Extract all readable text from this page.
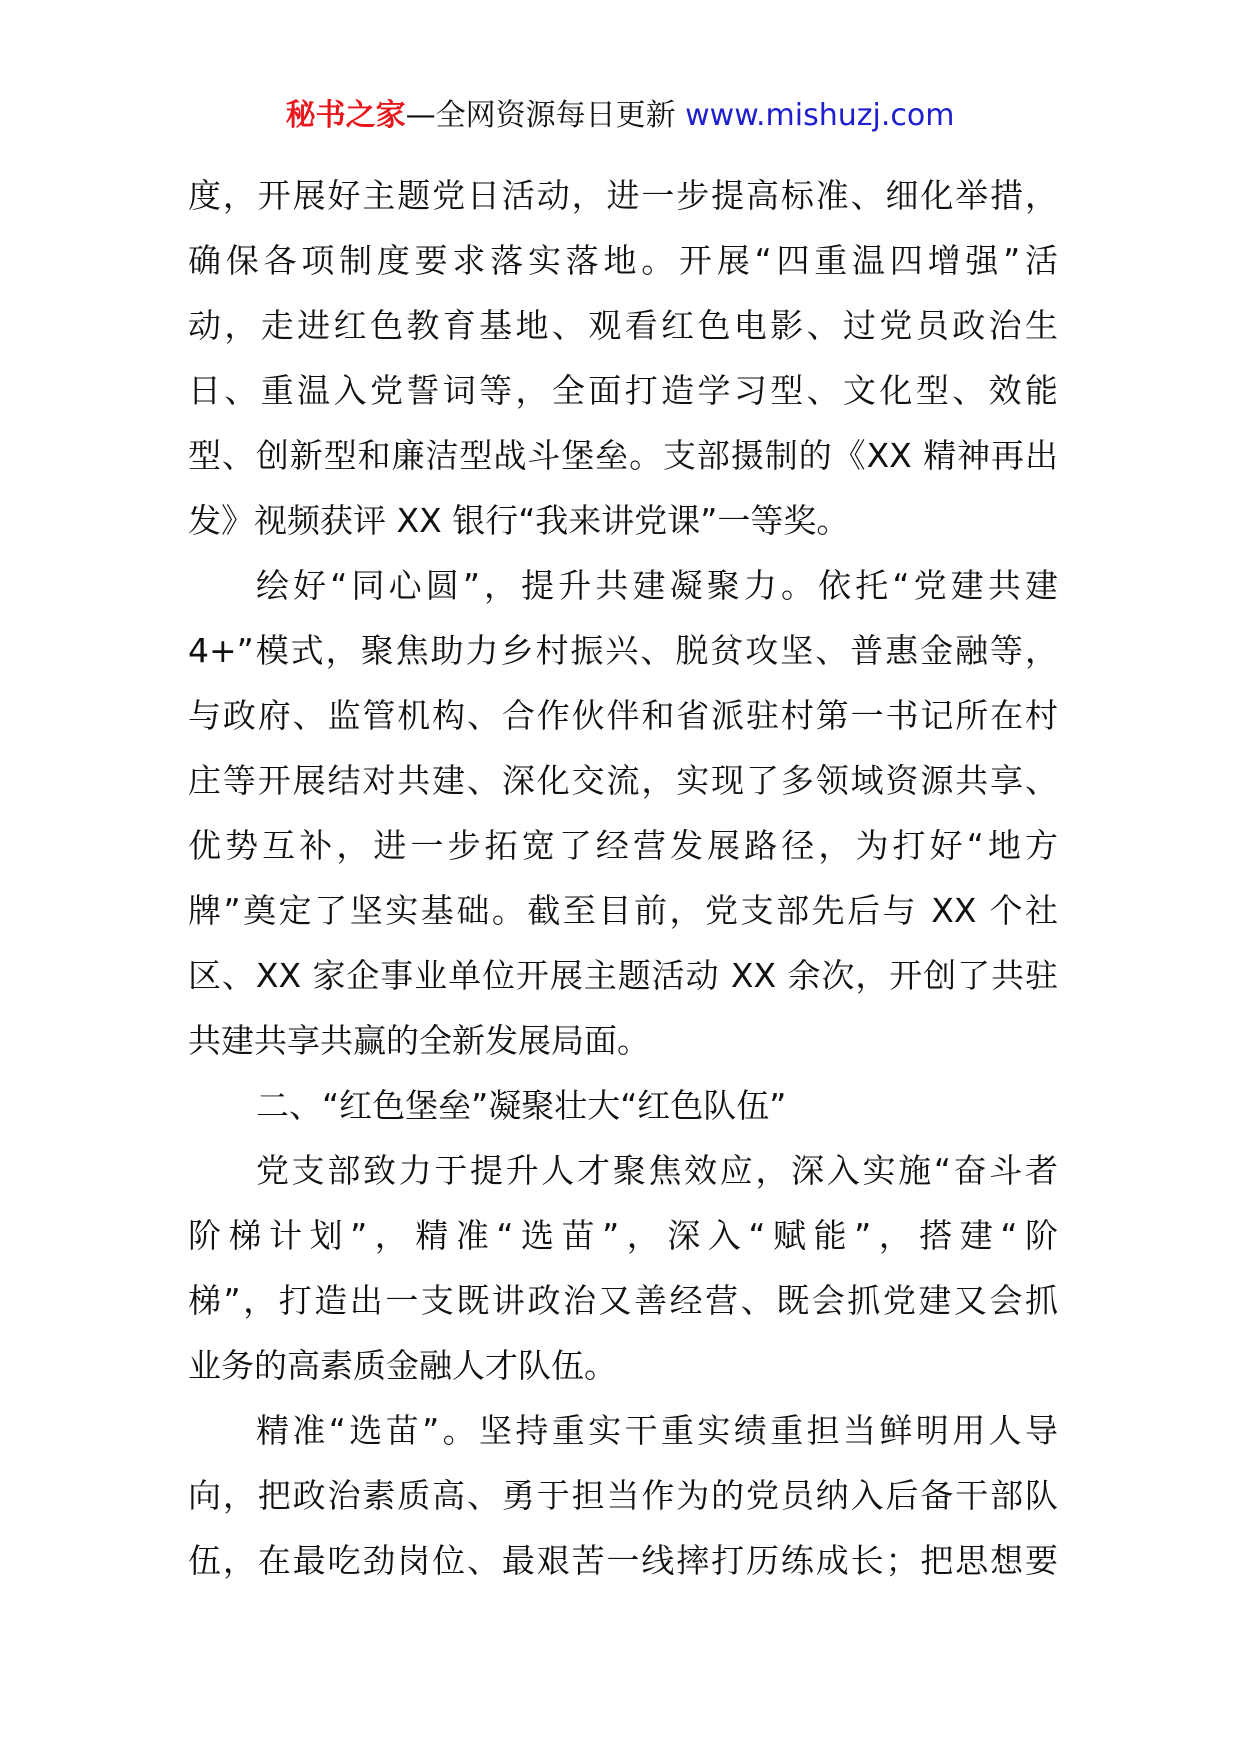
秘书之家—全网资源每日更新 www.mishuzj.com
度，开展好主题党日活动，进一步提高标准、细化举措，
确保各项制度要求落实落地。开展“四重温四增强”活
动，走进红色教育基地、观看红色电影、过党员政治生
日、重温入党誓词等，全面打造学习型、文化型、效能
型、创新型和廉洁型战斗堡垒。支部摄制的《XX 精神再出
发》视频获评 XX 银行“我来讲党课”一等奖。
绘好“同心圆”，提升共建凝聚力。依托“党建共建
4+”模式，聚焦助力乡村振兴、脱贫攻坚、普惠金融等，
与政府、监管机构、合作伙伴和省派驻村第一书记所在村
庄等开展结对共建、深化交流，实现了多领域资源共享、
优势互补，进一步拓宽了经营发展路径，为打好“地方
牌”奠定了坚实基础。截至目前，党支部先后与 XX 个社
区、XX 家企事业单位开展主题活动 XX 余次，开创了共驻
共建共享共赢的全新发展局面。
二、“红色堡垒”凝聚壮大“红色队伍”
党支部致力于提升人才聚焦效应，深入实施“奋斗者
阶梯计划”，精准“选苗”，深入“赋能”，搭建“阶
梯”，打造出一支既讲政治又善经营、既会抓党建又会抓
业务的高素质金融人才队伍。
精准“选苗”。坚持重实干重实绩重担当鲜明用人导
向，把政治素质高、勇于担当作为的党员纳入后备干部队
伍，在最吃劲岗位、最艰苦一线摔打历练成长；把思想要
